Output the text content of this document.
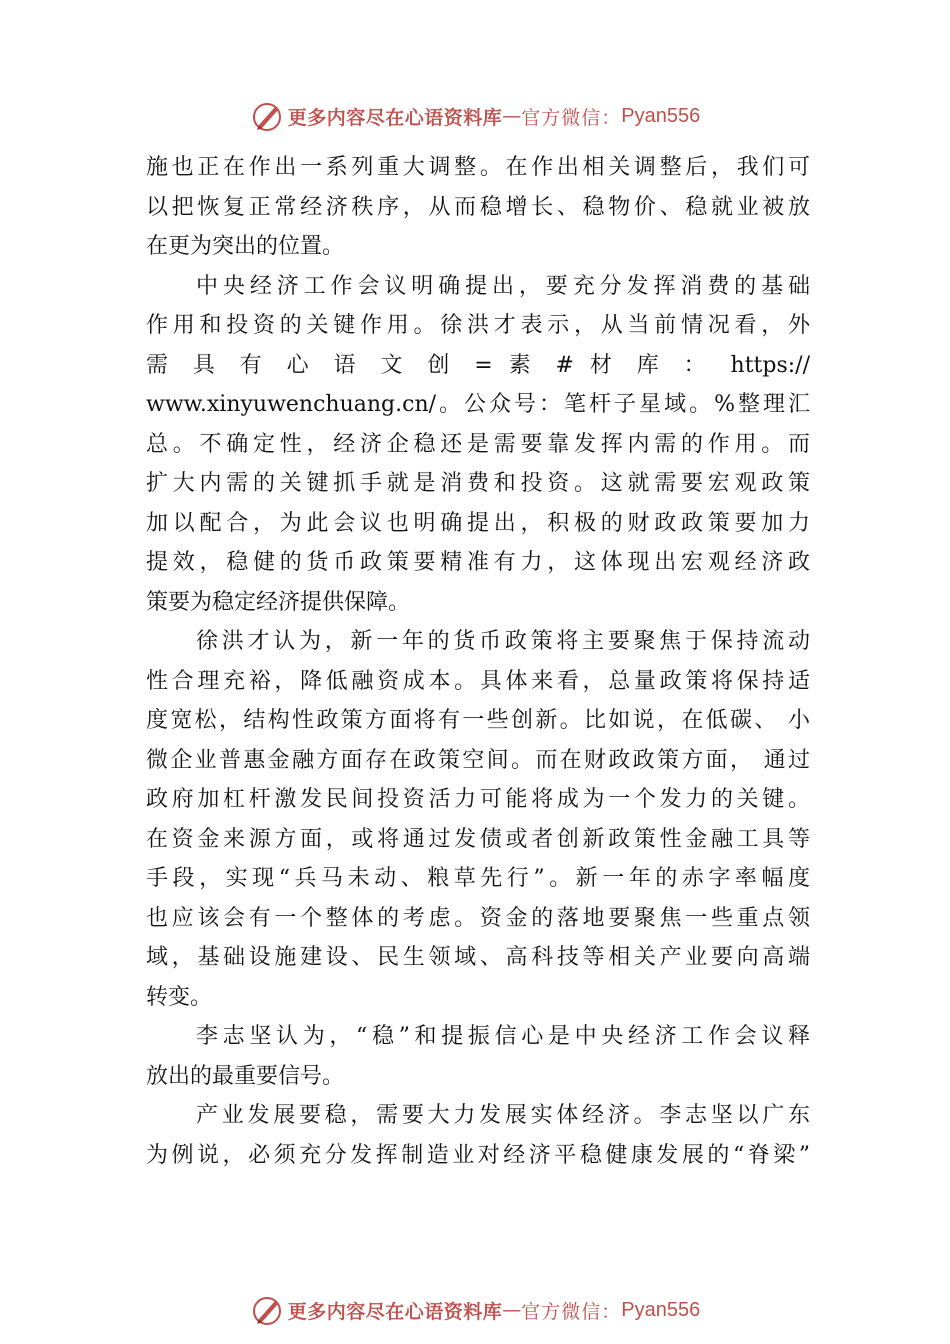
更多内容尽在心语资料库 — 官方微信： Pyan556
施也正在作出一系列重大调整。在作出相关调整后，我们可
以把恢复正常经济秩序，从而稳增长、稳物价、稳就业被放
在更为突出的位置。
中央经济工作会议明确提出，要充分发挥消费的基础
作用和投资的关键作用。徐洪才表示，从当前情况看，外
需 具 有 心 语 文 创 = 素 # 材 库 ： https://
www.xinyuwenchuang.cn/。公众号：笔杆子星域。%整理汇
总。不确定性，经济企稳还是需要靠发挥内需的作用。而
扩大内需的关键抓手就是消费和投资。这就需要宏观政策
加以配合，为此会议也明确提出，积极的财政政策要加力
提效，稳健的货币政策要精准有力，这体现出宏观经济政
策要为稳定经济提供保障。
徐洪才认为，新一年的货币政策将主要聚焦于保持流动
性合理充裕，降低融资成本。具体来看，总量政策将保持适
度宽松，结构性政策方面将有一些创新。比如说，在低碳、 小
微企业普惠金融方面存在政策空间。而在财政政策方面， 通过
政府加杠杆激发民间投资活力可能将成为一个发力的关键。
在资金来源方面，或将通过发债或者创新政策性金融工具等
手段，实现“兵马未动、粮草先行”。新一年的赤字率幅度
也应该会有一个整体的考虑。资金的落地要聚焦一些重点领
域，基础设施建设、民生领域、高科技等相关产业要向高端
转变。
李志坚认为，“稳”和提振信心是中央经济工作会议释
放出的最重要信号。
产业发展要稳，需要大力发展实体经济。李志坚以广东
为例说，必须充分发挥制造业对经济平稳健康发展的“脊梁”
更多内容尽在心语资料库 — 官方微信： Pyan556
